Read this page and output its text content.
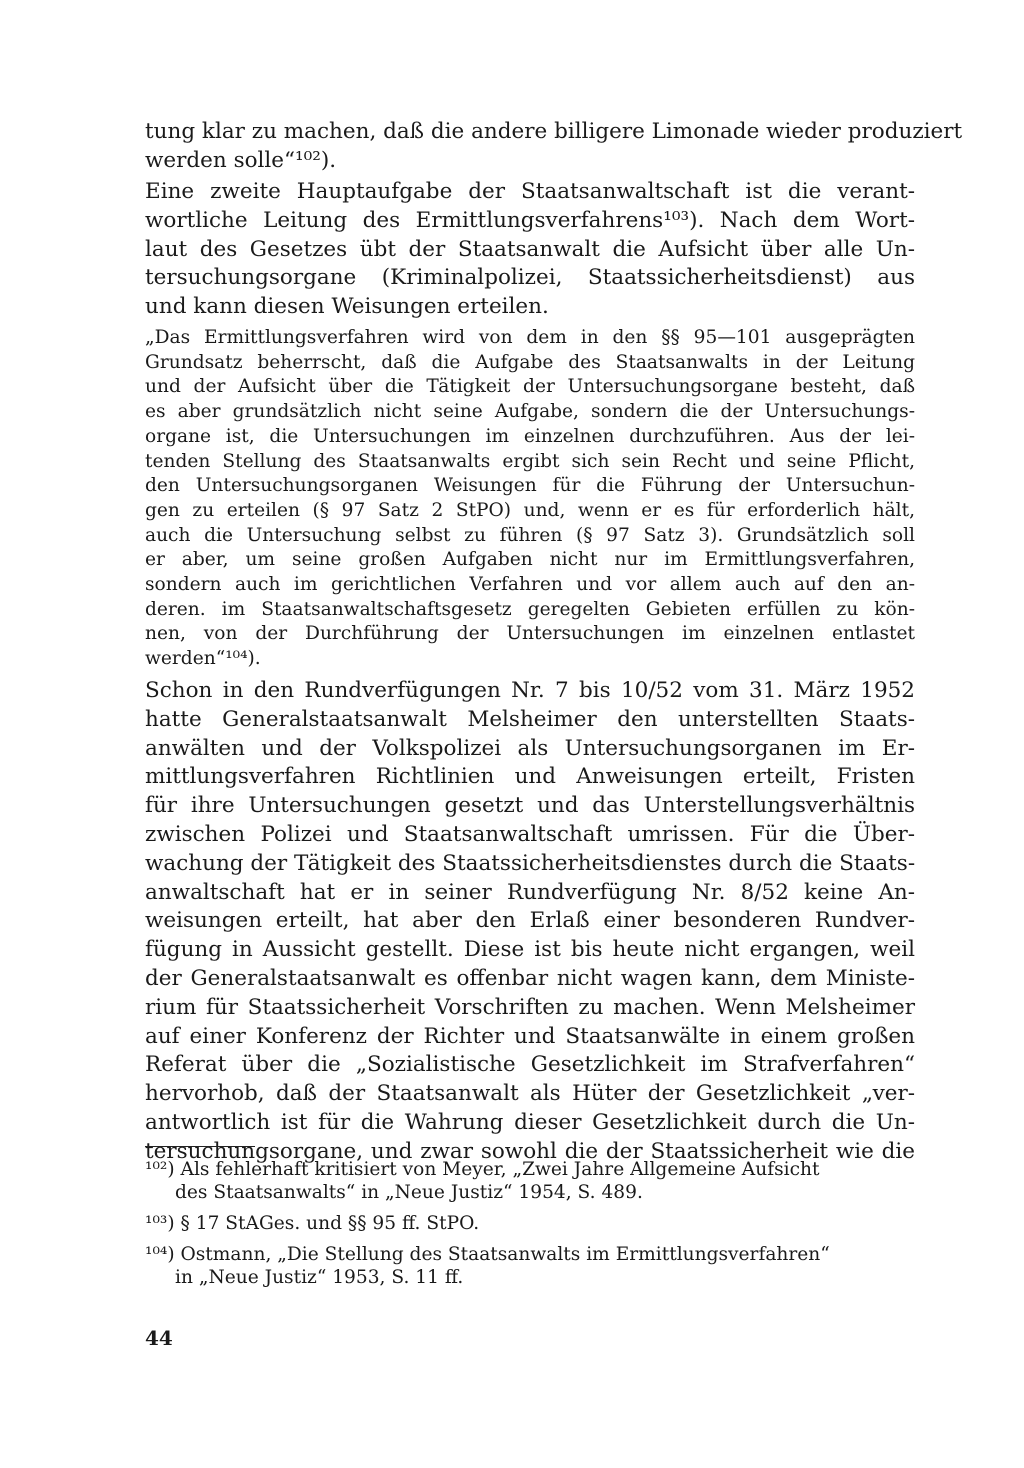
tung klar zu machen, daß die andere billigere Limonade wieder produziert
werden solle“¹⁰²).
Eine zweite Hauptaufgabe der Staatsanwaltschaft ist die verant-
wortliche Leitung des Ermittlungsverfahrens¹⁰³). Nach dem Wort-
laut des Gesetzes übt der Staatsanwalt die Aufsicht über alle Un-
tersuchungsorgane (Kriminalpolizei, Staatssicherheitsdienst) aus
und kann diesen Weisungen erteilen.
„Das Ermittlungsverfahren wird von dem in den §§ 95—101 ausgeprägten
Grundsatz beherrscht, daß die Aufgabe des Staatsanwalts in der Leitung
und der Aufsicht über die Tätigkeit der Untersuchungsorgane besteht, daß
es aber grundsätzlich nicht seine Aufgabe, sondern die der Untersuchungs-
organe ist, die Untersuchungen im einzelnen durchzuführen. Aus der lei-
tenden Stellung des Staatsanwalts ergibt sich sein Recht und seine Pflicht,
den Untersuchungsorganen Weisungen für die Führung der Untersuchun-
gen zu erteilen (§ 97 Satz 2 StPO) und, wenn er es für erforderlich hält,
auch die Untersuchung selbst zu führen (§ 97 Satz 3). Grundsätzlich soll
er aber, um seine großen Aufgaben nicht nur im Ermittlungsverfahren,
sondern auch im gerichtlichen Verfahren und vor allem auch auf den an-
deren. im Staatsanwaltschaftsgesetz geregelten Gebieten erfüllen zu kön-
nen, von der Durchführung der Untersuchungen im einzelnen entlastet
werden“¹⁰⁴).
Schon in den Rundverfügungen Nr. 7 bis 10/52 vom 31. März 1952
hatte Generalstaatsanwalt Melsheimer den unterstellten Staats-
anwälten und der Volkspolizei als Untersuchungsorganen im Er-
mittlungsverfahren Richtlinien und Anweisungen erteilt, Fristen
für ihre Untersuchungen gesetzt und das Unterstellungsverhältnis
zwischen Polizei und Staatsanwaltschaft umrissen. Für die Über-
wachung der Tätigkeit des Staatssicherheitsdienstes durch die Staats-
anwaltschaft hat er in seiner Rundverfügung Nr. 8/52 keine An-
weisungen erteilt, hat aber den Erlaß einer besonderen Rundver-
fügung in Aussicht gestellt. Diese ist bis heute nicht ergangen, weil
der Generalstaatsanwalt es offenbar nicht wagen kann, dem Ministe-
rium für Staatssicherheit Vorschriften zu machen. Wenn Melsheimer
auf einer Konferenz der Richter und Staatsanwälte in einem großen
Referat über die „Sozialistische Gesetzlichkeit im Strafverfahren“
hervorhob, daß der Staatsanwalt als Hüter der Gesetzlichkeit „ver-
antwortlich ist für die Wahrung dieser Gesetzlichkeit durch die Un-
tersuchungsorgane, und zwar sowohl die der Staatssicherheit wie die
¹⁰²) Als fehlerhaft kritisiert von Meyer, „Zwei Jahre Allgemeine Aufsicht
des Staatsanwalts“ in „Neue Justiz“ 1954, S. 489.
¹⁰³) § 17 StAGes. und §§ 95 ff. StPO.
¹⁰⁴) Ostmann, „Die Stellung des Staatsanwalts im Ermittlungsverfahren“
in „Neue Justiz“ 1953, S. 11 ff.
44
